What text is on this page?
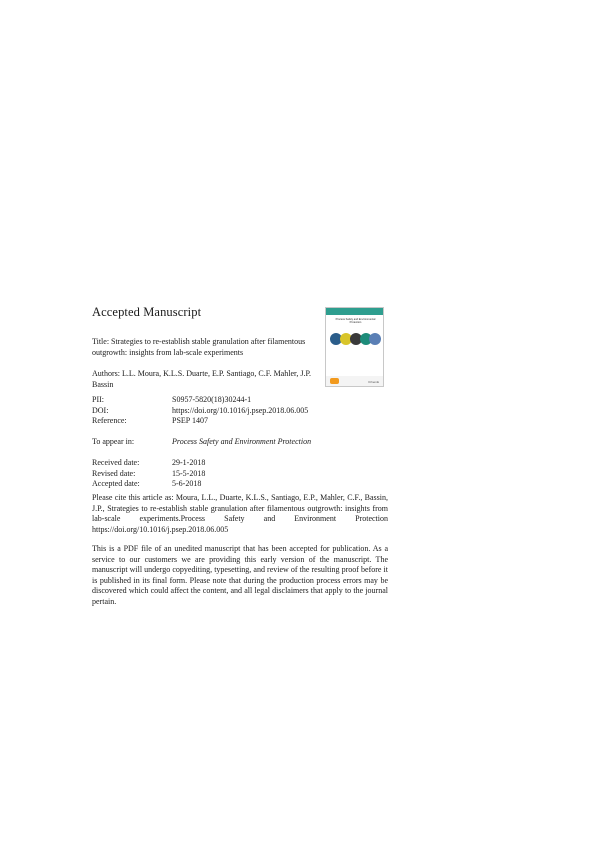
Accepted Manuscript
Process Safety and Environmental Protection
IChemE
Title: Strategies to re-establish stable granulation after filamentous outgrowth: insights from lab-scale experiments
Authors: L.L. Moura, K.L.S. Duarte, E.P. Santiago, C.F. Mahler, J.P. Bassin
PII:	S0957-5820(18)30244-1
DOI:	https://doi.org/10.1016/j.psep.2018.06.005
Reference:	PSEP 1407
To appear in:	Process Safety and Environment Protection
Received date:	29-1-2018
Revised date:	15-5-2018
Accepted date:	5-6-2018
Please cite this article as: Moura, L.L., Duarte, K.L.S., Santiago, E.P., Mahler, C.F., Bassin, J.P., Strategies to re-establish stable granulation after filamentous outgrowth: insights from lab-scale experiments.Process Safety and Environment Protection https://doi.org/10.1016/j.psep.2018.06.005
This is a PDF file of an unedited manuscript that has been accepted for publication. As a service to our customers we are providing this early version of the manuscript. The manuscript will undergo copyediting, typesetting, and review of the resulting proof before it is published in its final form. Please note that during the production process errors may be discovered which could affect the content, and all legal disclaimers that apply to the journal pertain.
